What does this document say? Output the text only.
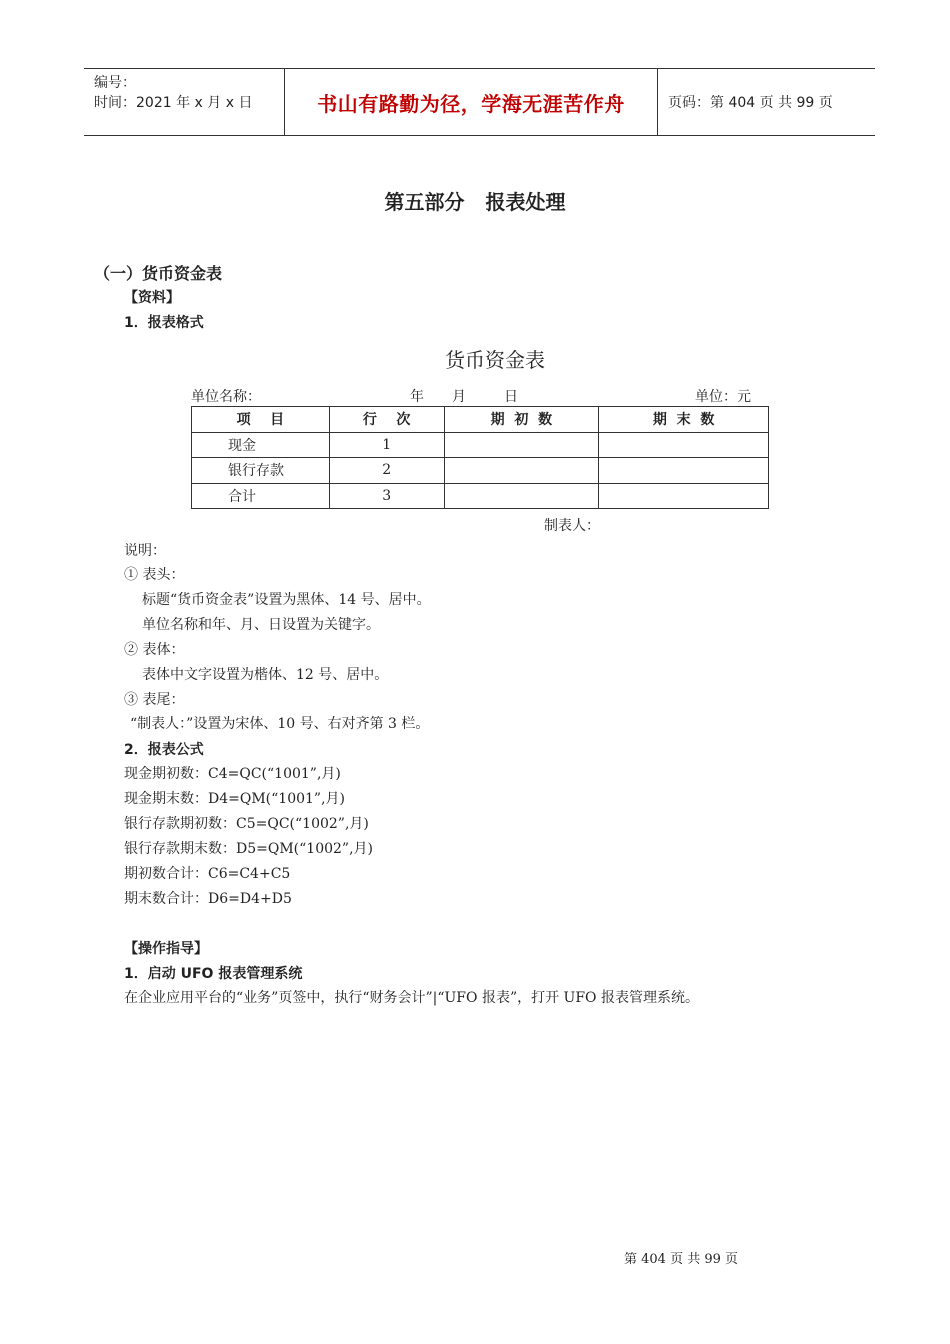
编号：
时间：2021 年 x 月 x 日	书山有路勤为径，学海无涯苦作舟	页码：第 404 页 共 99 页
第五部分 报表处理
（一）货币资金表
【资料】
1．报表格式
货币资金表
单位名称：	年 月	日	单位：元
项    目	行    次	期  初  数	期  末  数
现金	1		
银行存款	2		
合计	3		
制表人：
说明：
① 表头：
标题“货币资金表”设置为黑体、14 号、居中。
单位名称和年、月、日设置为关键字。
② 表体：
表体中文字设置为楷体、12 号、居中。
③ 表尾：
“制表人：”设置为宋体、10 号、右对齐第 3 栏。
2．报表公式
现金期初数：C4=QC(“1001”,月)
现金期末数：D4=QM(“1001”,月)
银行存款期初数：C5=QC(“1002”,月)
银行存款期末数：D5=QM(“1002”,月)
期初数合计：C6=C4+C5
期末数合计：D6=D4+D5
【操作指导】
1．启动 UFO 报表管理系统
在企业应用平台的“业务”页签中，执行“财务会计”|“UFO 报表”，打开 UFO 报表管理系统。
第 404 页 共 99 页
